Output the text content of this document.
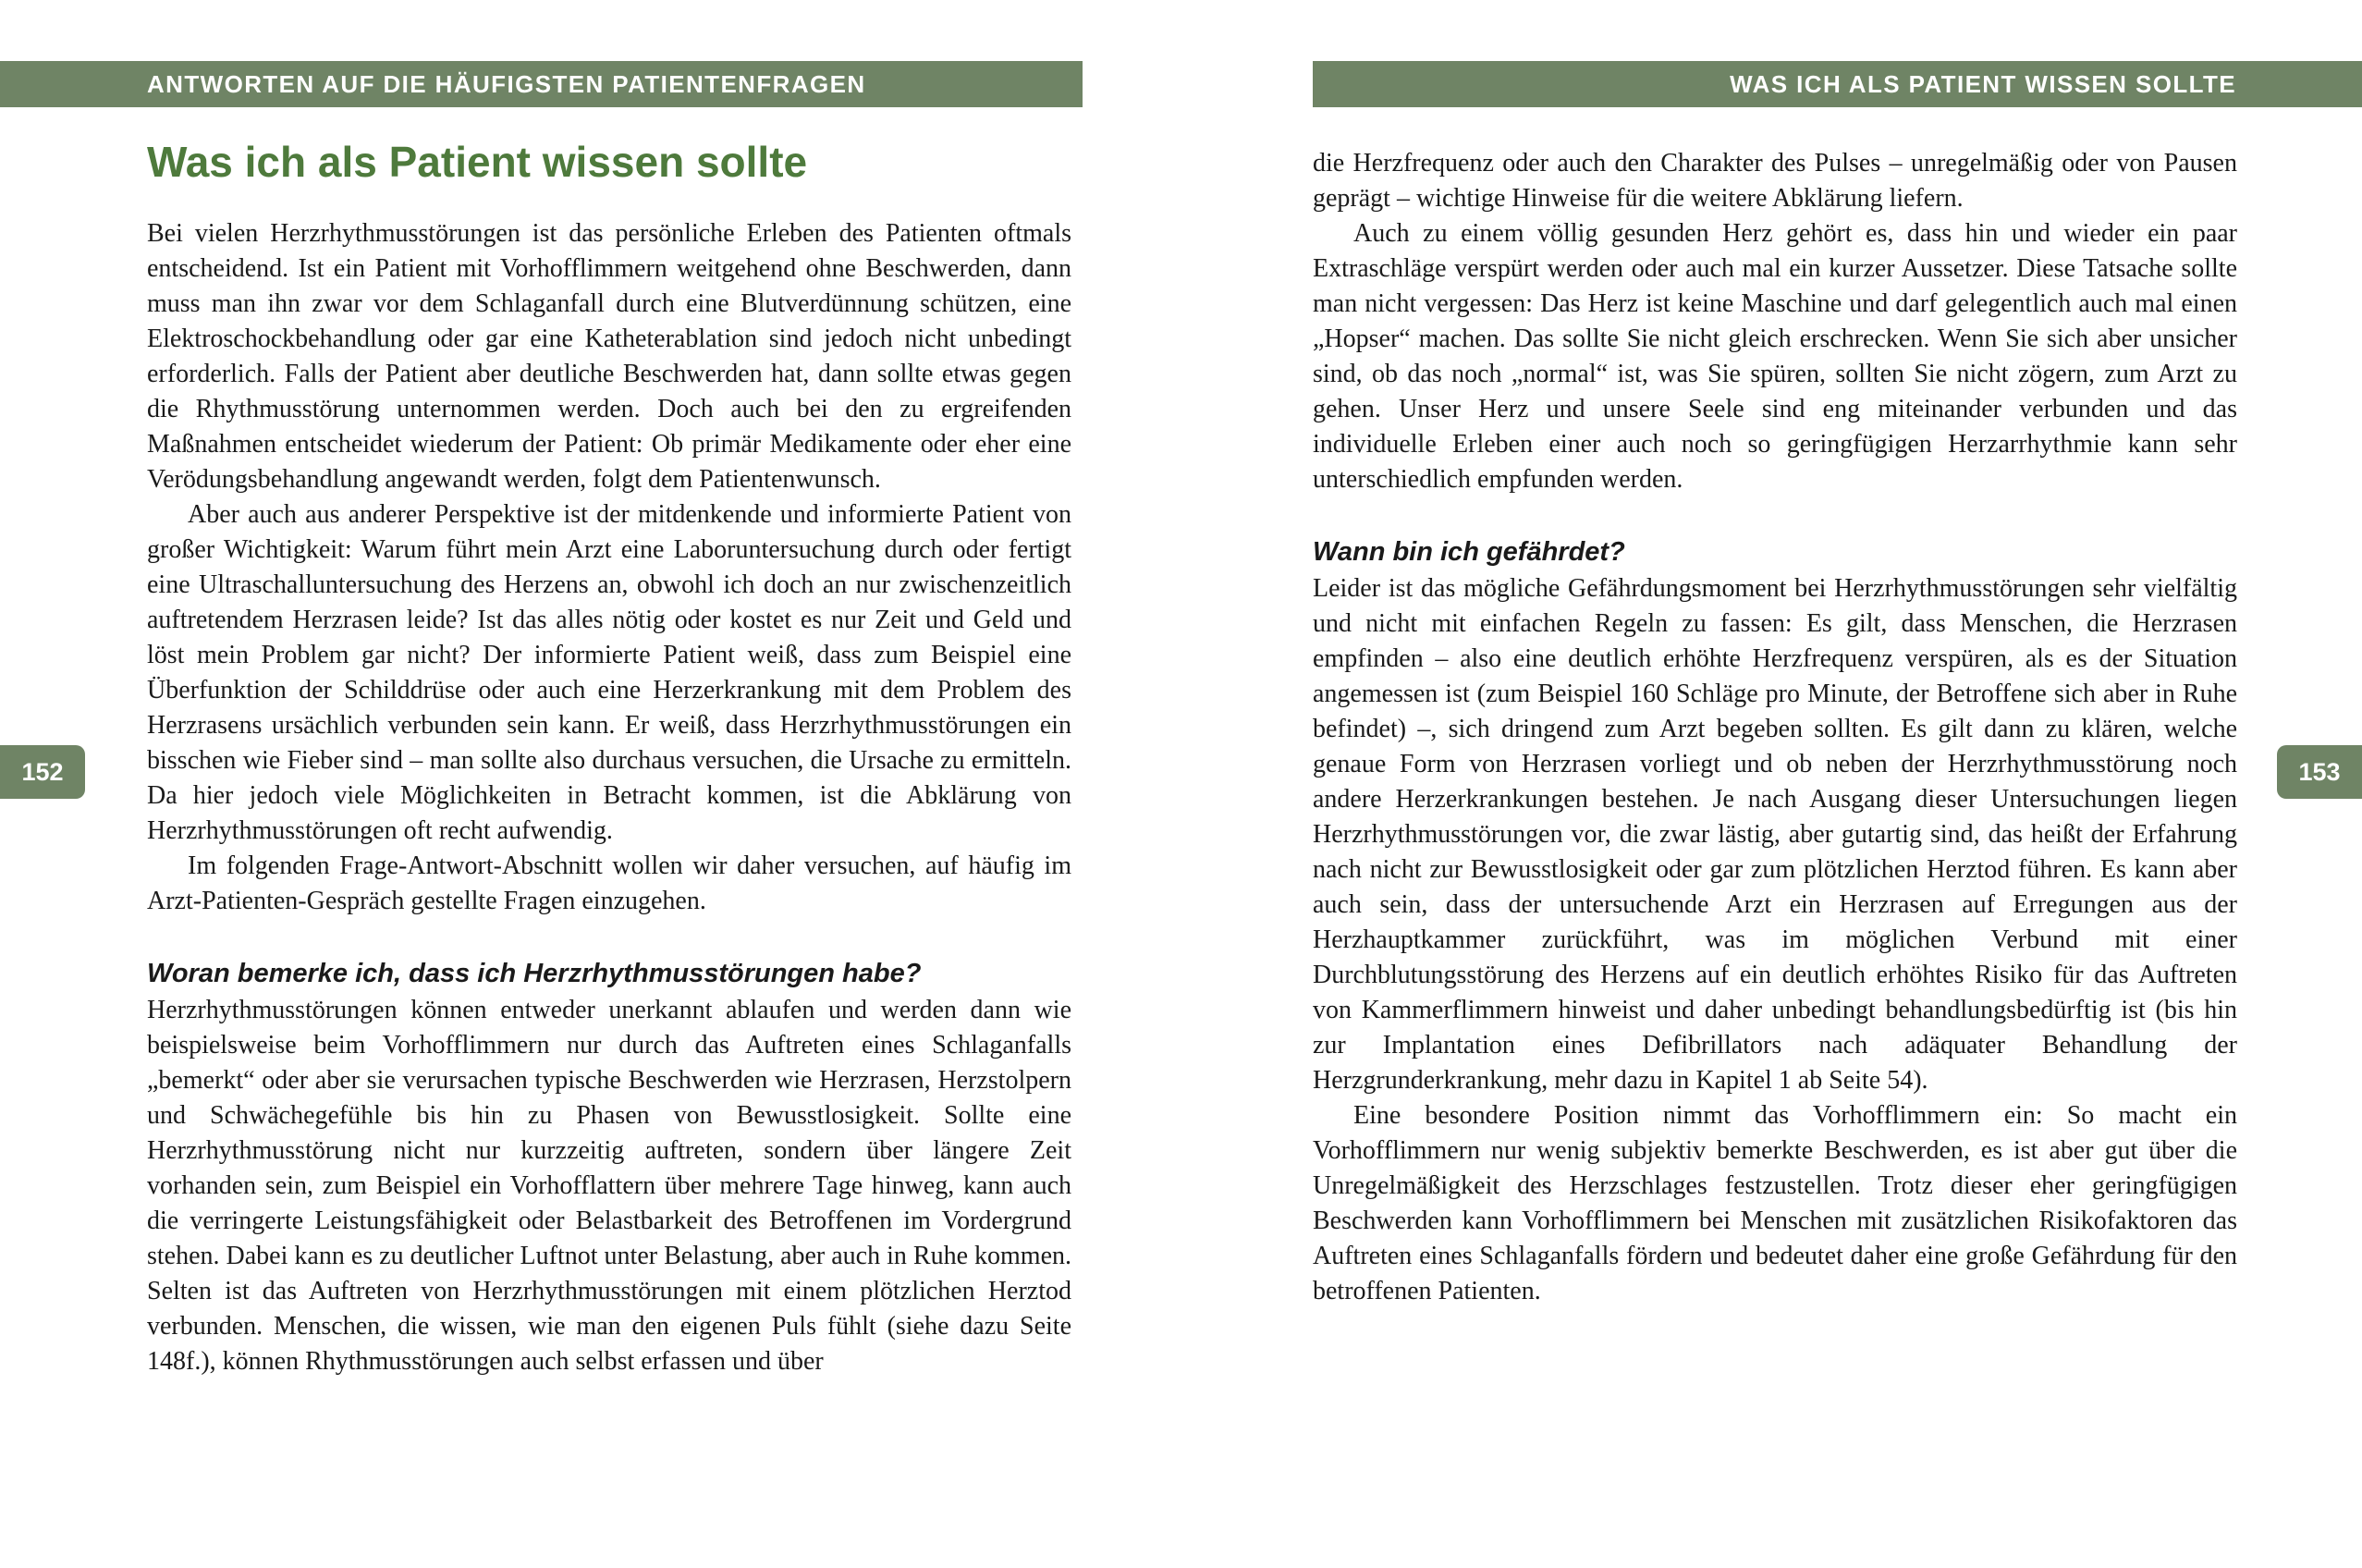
ANTWORTEN AUF DIE HÄUFIGSTEN PATIENTENFRAGEN	WAS ICH ALS PATIENT WISSEN SOLLTE
152	153
Was ich als Patient wissen sollte

Bei vielen Herzrhythmusstörungen ist das persönliche Erleben des Patienten oftmals entscheidend. Ist ein Patient mit Vorhofflimmern weitgehend ohne Beschwerden, dann muss man ihn zwar vor dem Schlaganfall durch eine Blutverdünnung schützen, eine Elektroschockbehandlung oder gar eine Katheterablation sind jedoch nicht unbedingt erforderlich. Falls der Patient aber deutliche Beschwerden hat, dann sollte etwas gegen die Rhythmusstörung unternommen werden. Doch auch bei den zu ergreifenden Maßnahmen entscheidet wiederum der Patient: Ob primär Medikamente oder eher eine Verödungsbehandlung angewandt werden, folgt dem Patientenwunsch.

Aber auch aus anderer Perspektive ist der mitdenkende und informierte Patient von großer Wichtigkeit: Warum führt mein Arzt eine Laboruntersuchung durch oder fertigt eine Ultraschalluntersuchung des Herzens an, obwohl ich doch an nur zwischenzeitlich auftretendem Herzrasen leide? Ist das alles nötig oder kostet es nur Zeit und Geld und löst mein Problem gar nicht? Der informierte Patient weiß, dass zum Beispiel eine Überfunktion der Schilddrüse oder auch eine Herzerkrankung mit dem Problem des Herzrasens ursächlich verbunden sein kann. Er weiß, dass Herzrhythmusstörungen ein bisschen wie Fieber sind – man sollte also durchaus versuchen, die Ursache zu ermitteln. Da hier jedoch viele Möglichkeiten in Betracht kommen, ist die Abklärung von Herzrhythmusstörungen oft recht aufwendig.

Im folgenden Frage-Antwort-Abschnitt wollen wir daher versuchen, auf häufig im Arzt-Patienten-Gespräch gestellte Fragen einzugehen.

Woran bemerke ich, dass ich Herzrhythmusstörungen habe?

Herzrhythmusstörungen können entweder unerkannt ablaufen und werden dann wie beispielsweise beim Vorhofflimmern nur durch das Auftreten eines Schlaganfalls „bemerkt“ oder aber sie verursachen typische Beschwerden wie Herzrasen, Herzstolpern und Schwächegefühle bis hin zu Phasen von Bewusstlosigkeit. Sollte eine Herzrhythmusstörung nicht nur kurzzeitig auftreten, sondern über längere Zeit vorhanden sein, zum Beispiel ein Vorhofflattern über mehrere Tage hinweg, kann auch die verringerte Leistungsfähigkeit oder Belastbarkeit des Betroffenen im Vordergrund stehen. Dabei kann es zu deutlicher Luftnot unter Belastung, aber auch in Ruhe kommen. Selten ist das Auftreten von Herzrhythmusstörungen mit einem plötzlichen Herztod verbunden. Menschen, die wissen, wie man den eigenen Puls fühlt (siehe dazu Seite 148f.), können Rhythmusstörungen auch selbst erfassen und über

die Herzfrequenz oder auch den Charakter des Pulses – unregelmäßig oder von Pausen geprägt – wichtige Hinweise für die weitere Abklärung liefern.

Auch zu einem völlig gesunden Herz gehört es, dass hin und wieder ein paar Extraschläge verspürt werden oder auch mal ein kurzer Aussetzer. Diese Tatsache sollte man nicht vergessen: Das Herz ist keine Maschine und darf gelegentlich auch mal einen „Hopser“ machen. Das sollte Sie nicht gleich erschrecken. Wenn Sie sich aber unsicher sind, ob das noch „normal“ ist, was Sie spüren, sollten Sie nicht zögern, zum Arzt zu gehen. Unser Herz und unsere Seele sind eng miteinander verbunden und das individuelle Erleben einer auch noch so geringfügigen Herzarrhythmie kann sehr unterschiedlich empfunden werden.

Wann bin ich gefährdet?

Leider ist das mögliche Gefährdungsmoment bei Herzrhythmusstörungen sehr vielfältig und nicht mit einfachen Regeln zu fassen: Es gilt, dass Menschen, die Herzrasen empfinden – also eine deutlich erhöhte Herzfrequenz verspüren, als es der Situation angemessen ist (zum Beispiel 160 Schläge pro Minute, der Betroffene sich aber in Ruhe befindet) –, sich dringend zum Arzt begeben sollten. Es gilt dann zu klären, welche genaue Form von Herzrasen vorliegt und ob neben der Herzrhythmusstörung noch andere Herzerkrankungen bestehen. Je nach Ausgang dieser Untersuchungen liegen Herzrhythmusstörungen vor, die zwar lästig, aber gutartig sind, das heißt der Erfahrung nach nicht zur Bewusstlosigkeit oder gar zum plötzlichen Herztod führen. Es kann aber auch sein, dass der untersuchende Arzt ein Herzrasen auf Erregungen aus der Herzhauptkammer zurückführt, was im möglichen Verbund mit einer Durchblutungsstörung des Herzens auf ein deutlich erhöhtes Risiko für das Auftreten von Kammerflimmern hinweist und daher unbedingt behandlungsbedürftig ist (bis hin zur Implantation eines Defibrillators nach adäquater Behandlung der Herzgrunderkrankung, mehr dazu in Kapitel 1 ab Seite 54).

Eine besondere Position nimmt das Vorhofflimmern ein: So macht ein Vorhofflimmern nur wenig subjektiv bemerkte Beschwerden, es ist aber gut über die Unregelmäßigkeit des Herzschlages festzustellen. Trotz dieser eher geringfügigen Beschwerden kann Vorhofflimmern bei Menschen mit zusätzlichen Risikofaktoren das Auftreten eines Schlaganfalls fördern und bedeutet daher eine große Gefährdung für den betroffenen Patienten.
